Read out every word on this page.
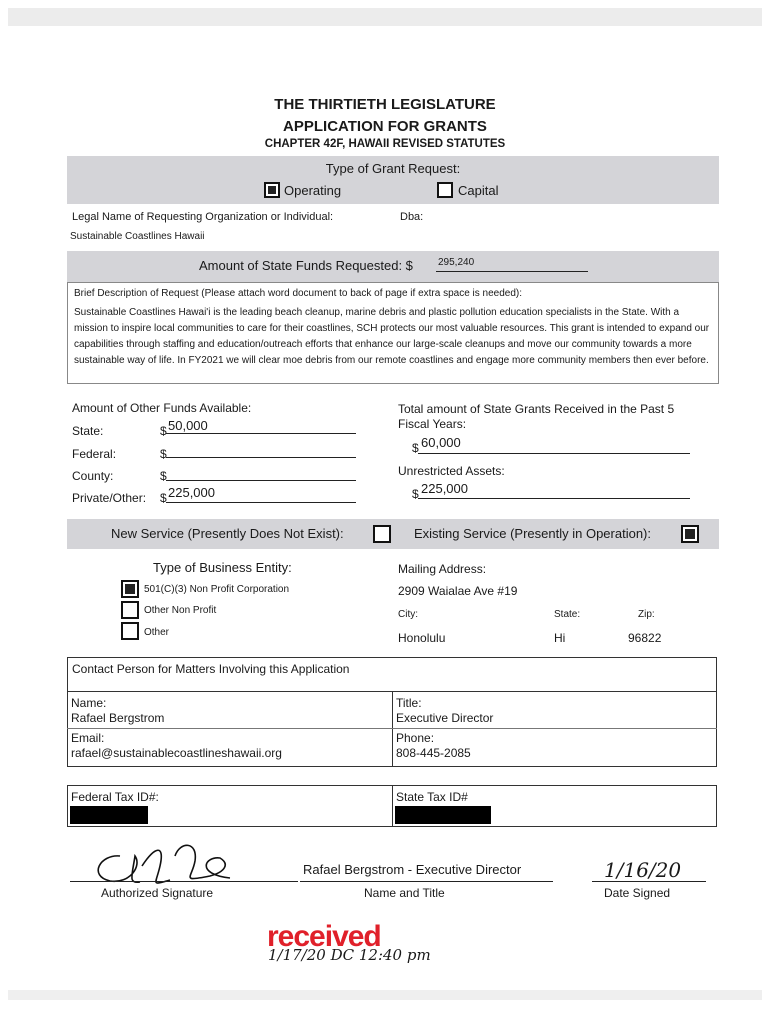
THE THIRTIETH LEGISLATURE
APPLICATION FOR GRANTS
CHAPTER 42F, HAWAII REVISED STATUTES
Type of Grant Request:
Operating	Capital
Legal Name of Requesting Organization or Individual:	Dba:
Sustainable Coastlines Hawaii
Amount of State Funds Requested: $	295,240
Brief Description of Request (Please attach word document to back of page if extra space is needed):
Sustainable Coastlines Hawai'i is the leading beach cleanup, marine debris and plastic pollution education specialists in the State. With a mission to inspire local communities to care for their coastlines, SCH protects our most valuable resources. This grant is intended to expand our capabilities through staffing and education/outreach efforts that enhance our large-scale cleanups and move our community towards a more sustainable way of life. In FY2021 we will clear moe debris from our remote coastlines and engage more community members then ever before.
Amount of Other Funds Available:
State:	$ 50,000
Federal:	$
County:	$
Private/Other: $ 225,000
Total amount of State Grants Received in the Past 5
Fiscal Years:
$ 60,000
Unrestricted Assets:
$ 225,000
New Service (Presently Does Not Exist):	Existing Service (Presently in Operation):
Type of Business Entity:
501(C)(3) Non Profit Corporation
Other Non Profit
Other
Mailing Address:
2909 Waialae Ave #19
City:	State:	Zip:
Honolulu	Hi	96822
Contact Person for Matters Involving this Application
Name:
Rafael Bergstrom
Title:
Executive Director
Email:
rafael@sustainablecoastlineshawaii.org
Phone:
808-445-2085
Federal Tax ID#:	State Tax ID#
Authorized Signature
Rafael Bergstrom - Executive Director
Name and Title
1/16/20
Date Signed
received
1/17/20 DC 12:40 pm
